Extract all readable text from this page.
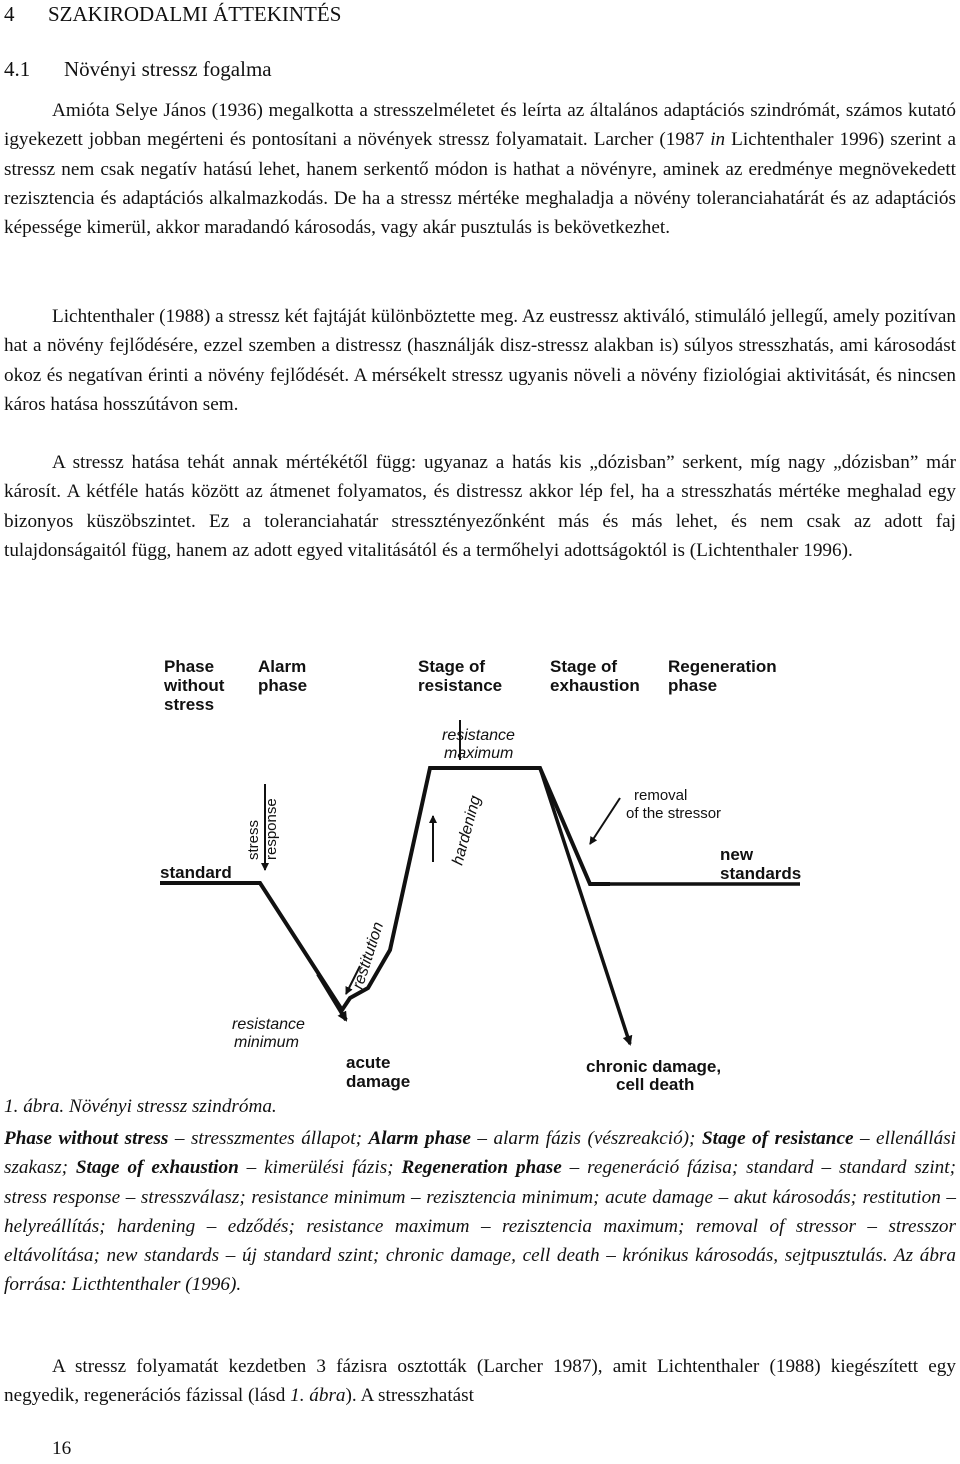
4 SZAKIRODALMI ÁTTEKINTÉS
4.1 Növényi stressz fogalma

Amióta Selye János (1936) megalkotta a stresszelméletet és leírta az általános adaptációs szindrómát, számos kutató igyekezett jobban megérteni és pontosítani a növények stressz folyamatait. Larcher (1987 in Lichtenthaler 1996) szerint a stressz nem csak negatív hatású lehet, hanem serkentő módon is hathat a növényre, aminek az eredménye megnövekedett rezisztencia és adaptációs alkalmazkodás. De ha a stressz mértéke meghaladja a növény toleranciahatárát és az adaptációs képessége kimerül, akkor maradandó károsodás, vagy akár pusztulás is bekövetkezhet.

Lichtenthaler (1988) a stressz két fajtáját különböztette meg. Az eustressz aktiváló, stimuláló jellegű, amely pozitívan hat a növény fejlődésére, ezzel szemben a distressz (használják disz-stressz alakban is) súlyos stresszhatás, ami károsodást okoz és negatívan érinti a növény fejlődését. A mérsékelt stressz ugyanis növeli a növény fiziológiai aktivitását, és nincsen káros hatása hosszútávon sem.

A stressz hatása tehát annak mértékétől függ: ugyanaz a hatás kis „dózisban” serkent, míg nagy „dózisban” már károsít. A kétféle hatás között az átmenet folyamatos, és distressz akkor lép fel, ha a stresszhatás mértéke meghalad egy bizonyos küszöbszintet. Ez a toleranciahatár stressztényezőnként más és más lehet, és nem csak az adott faj tulajdonságaitól függ, hanem az adott egyed vitalitásától és a termőhelyi adottságoktól is (Lichtenthaler 1996).

Phase
without
stress
Alarm
phase
Stage of
resistance
Stage of
exhaustion
Regeneration
phase
resistance
maximum
removal
of the stressor
stress response	hardening
standard
new
standards
restitution
resistance
minimum
acute
damage
chronic damage,
cell death
1. ábra. Növényi stressz szindróma.

Phase without stress – stresszmentes állapot; Alarm phase – alarm fázis (vészreakció); Stage of resistance – ellenállási szakasz; Stage of exhaustion – kimerülési fázis; Regeneration phase – regeneráció fázisa; standard – standard szint; stress response – stresszválasz; resistance minimum – rezisztencia minimum; acute damage – akut károsodás; restitution – helyreállítás; hardening – edződés; resistance maximum – rezisztencia maximum; removal of stressor – stresszor eltávolítása; new standards – új standard szint; chronic damage, cell death – krónikus károsodás, sejtpusztulás. Az ábra forrása: Licthtenthaler (1996).

A stressz folyamatát kezdetben 3 fázisra osztották (Larcher 1987), amit Lichtenthaler (1988) kiegészített egy negyedik, regenerációs fázissal (lásd 1. ábra). A stresszhatást

16
